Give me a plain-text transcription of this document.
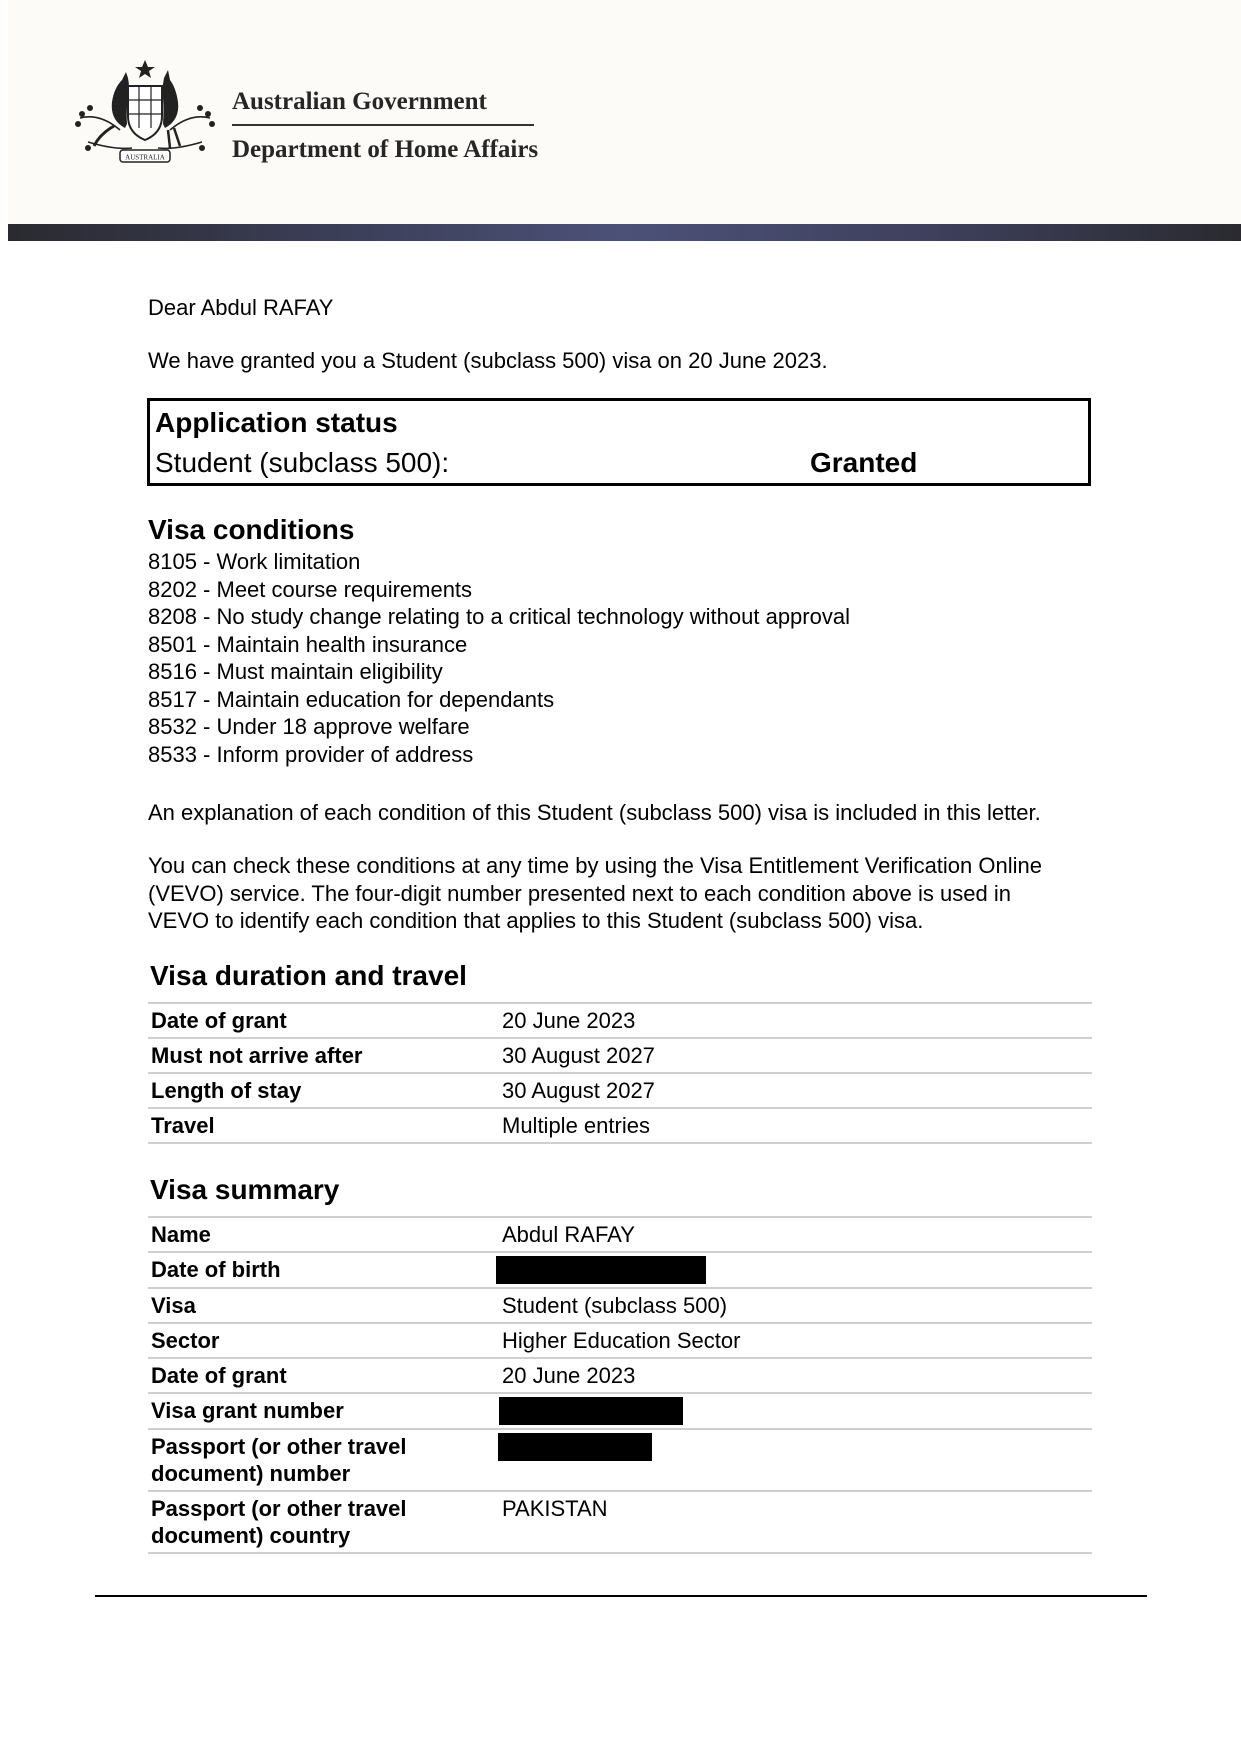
AUSTRALIA
Australian Government
Department of Home Affairs
Dear Abdul RAFAY
We have granted you a Student (subclass 500) visa on 20 June 2023.
Application status
Student (subclass 500):	Granted
Visa conditions
8105 - Work limitation
8202 - Meet course requirements
8208 - No study change relating to a critical technology without approval
8501 - Maintain health insurance
8516 - Must maintain eligibility
8517 - Maintain education for dependants
8532 - Under 18 approve welfare
8533 - Inform provider of address

An explanation of each condition of this Student (subclass 500) visa is included in this letter.

You can check these conditions at any time by using the Visa Entitlement Verification Online

(VEVO) service. The four-digit number presented next to each condition above is used in

VEVO to identify each condition that applies to this Student (subclass 500) visa.

Visa duration and travel
Date of grant	20 June 2023
Must not arrive after	30 August 2027
Length of stay	30 August 2027
Travel	Multiple entries
Visa summary
Name	Abdul RAFAY
Date of birth	
Visa	Student (subclass 500)
Sector	Higher Education Sector
Date of grant	20 June 2023
Visa grant number	
Passport (or other travel document) number	
Passport (or other travel document) country	PAKISTAN
